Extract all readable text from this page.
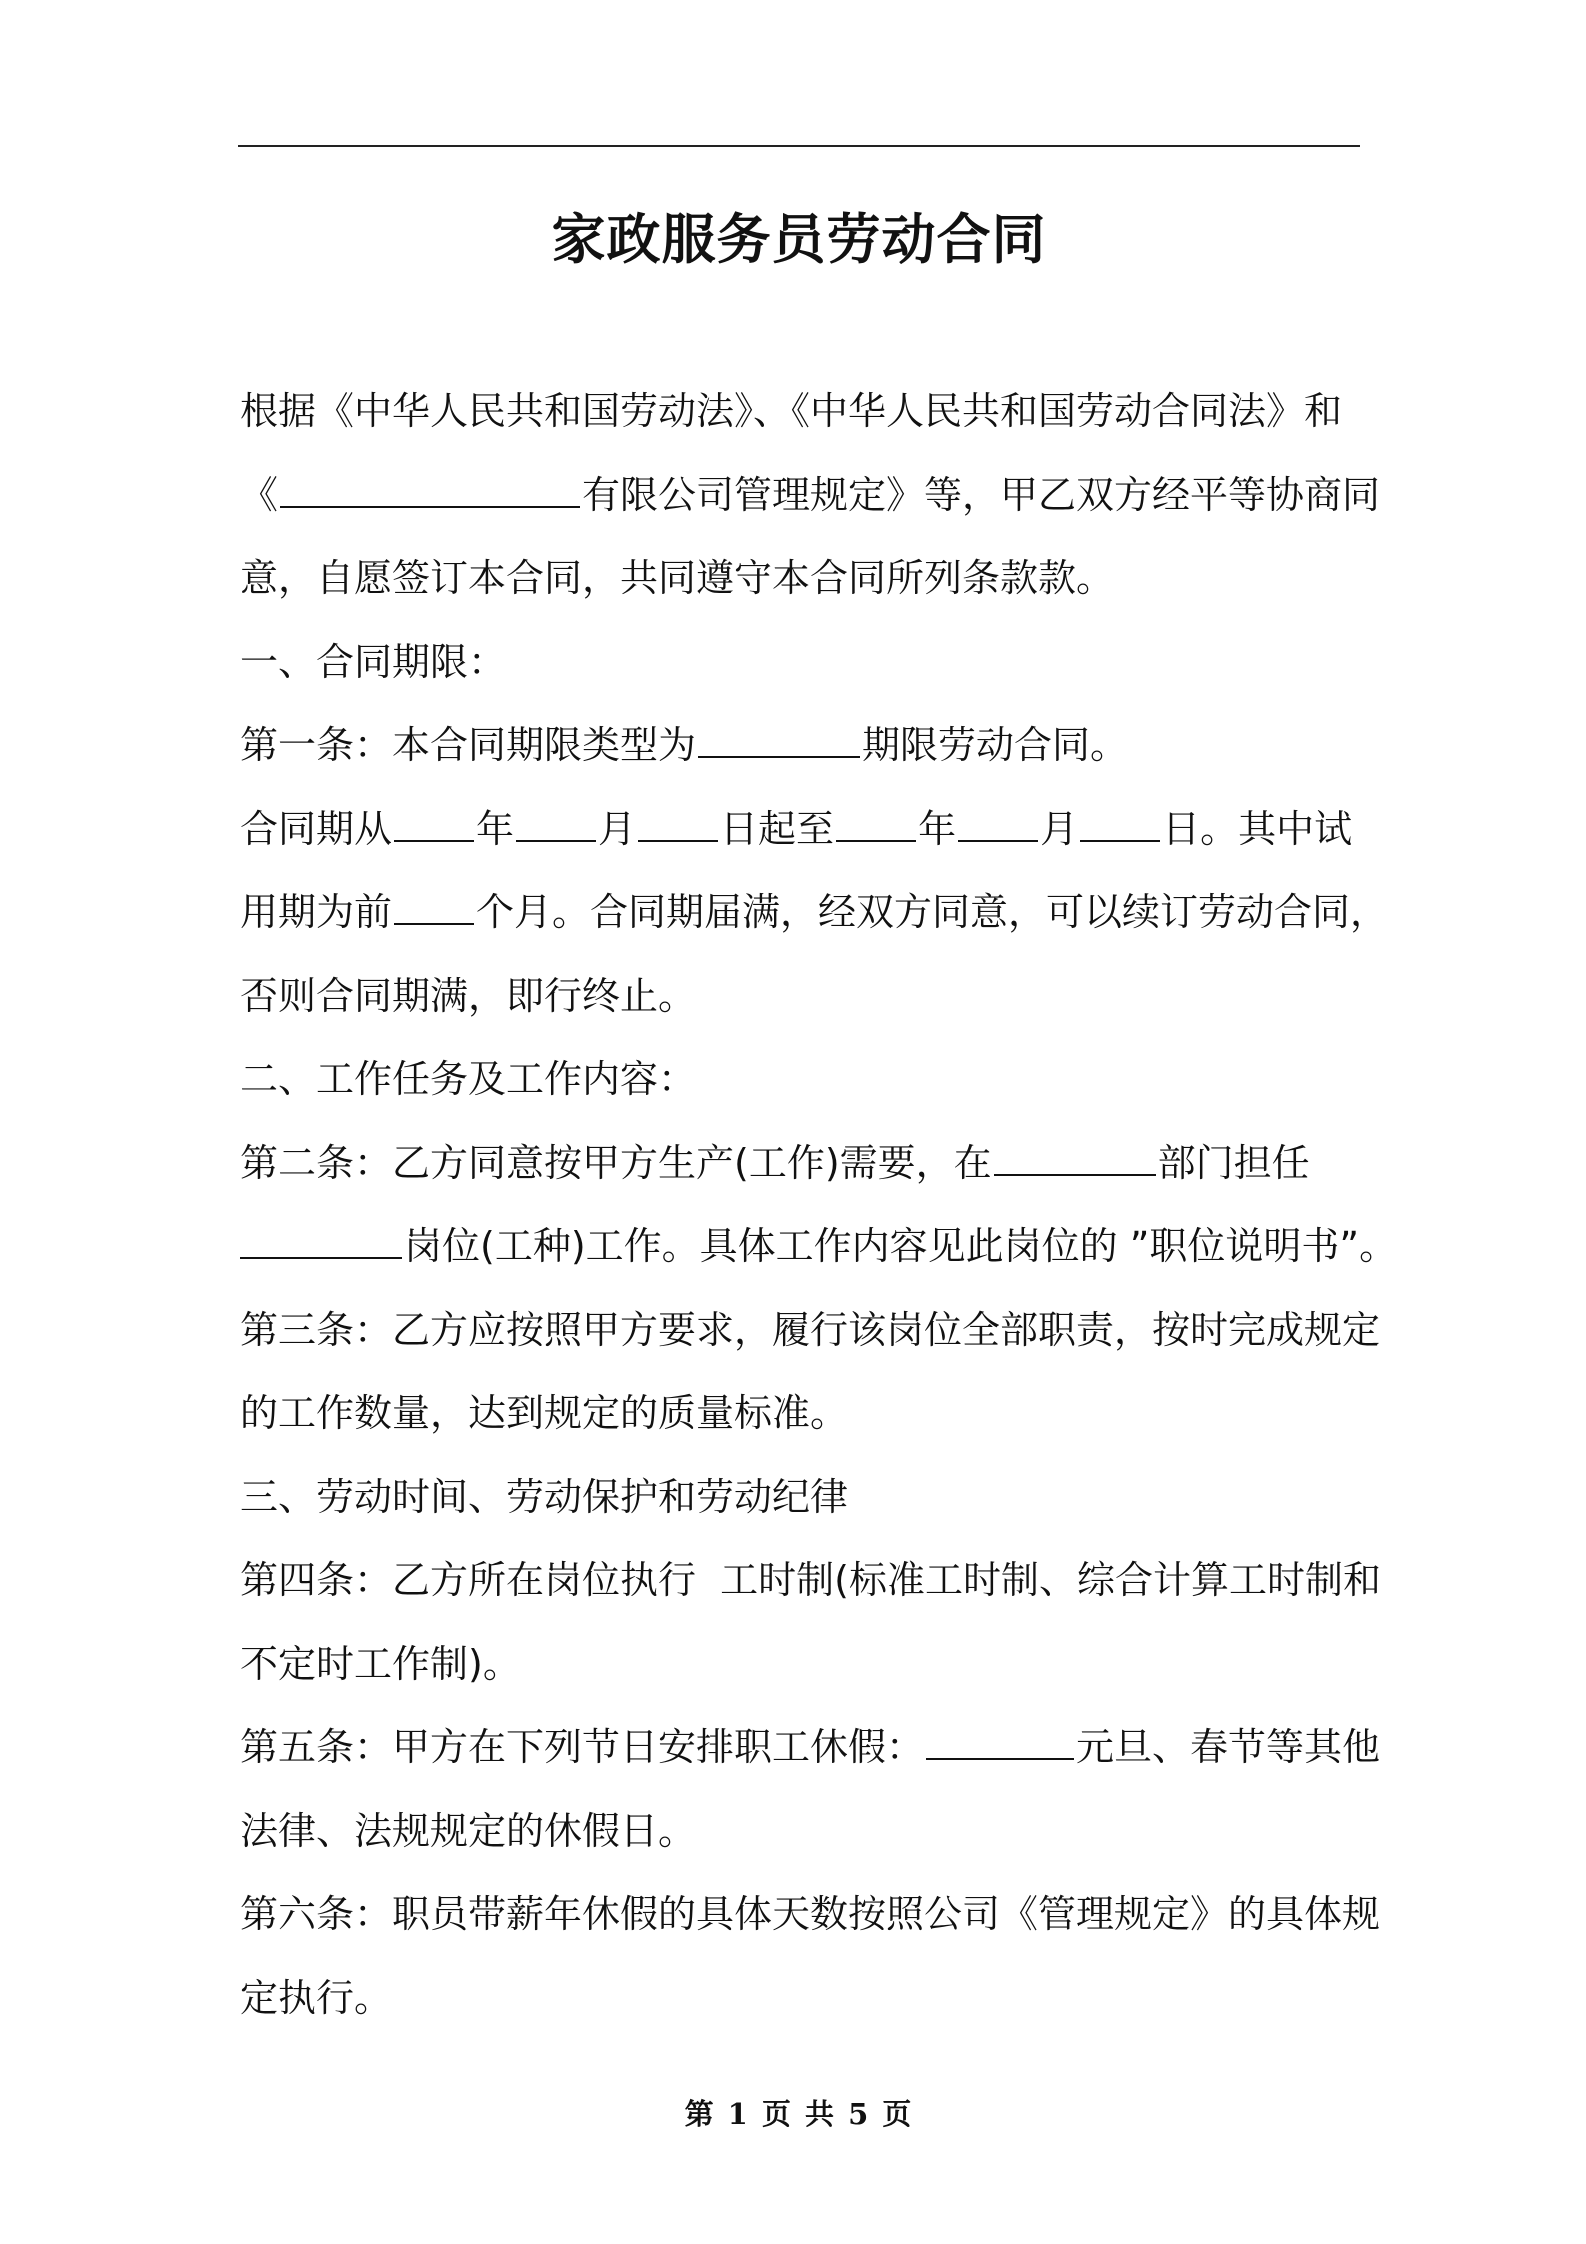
家政服务员劳动合同
根据《中华人民共和国劳动法》、《中华人民共和国劳动合同法》和
《	有限公司管理规定》等，甲乙双方经平等协商同
意，自愿签订本合同，共同遵守本合同所列条款款。
一、合同期限：
第一条：本合同期限类型为	期限劳动合同。
合同期从 年 月 日起至 年 月 日。其中试
用期为前 个月。合同期届满，经双方同意，可以续订劳动合同，
否则合同期满，即行终止。
二、工作任务及工作内容：
第二条：乙方同意按甲方生产(工作)需要，在	部门担任
岗位(工种)工作。具体工作内容见此岗位的 ”职位说明书”。
第三条：乙方应按照甲方要求，履行该岗位全部职责，按时完成规定
的工作数量，达到规定的质量标准。
三、劳动时间、劳动保护和劳动纪律
第四条：乙方所在岗位执行  工时制(标准工时制、综合计算工时制和
不定时工作制)。
第五条：甲方在下列节日安排职工休假：	元旦、春节等其他
法律、法规规定的休假日。
第六条：职员带薪年休假的具体天数按照公司《管理规定》的具体规
定执行。
第 1 页 共 5 页
